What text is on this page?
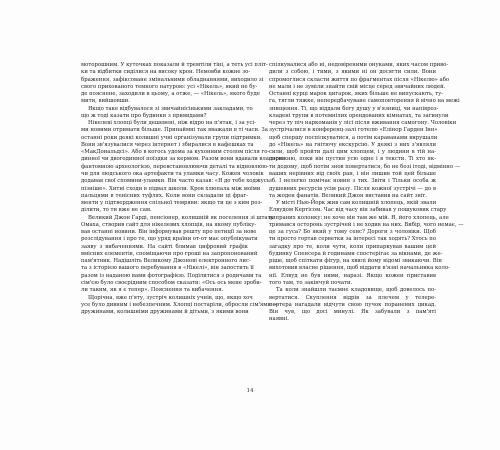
моторошним. У куточках показали й тремтіли тіні, а теть усі пліт-
ки та відбитки сиділися на високу крон. Немовби кожне зо-
браження, зафіксоване змінальними обладнаннями, виходило зі
свого прихованого темного натурою: усі «Нікель», який не бу-
де пояснене, заходили в цьому, а отже, — «Нікель», якого буде
мити, вийшовши.
Якщо таке відбувалося зі звичайнісінькими закладами, то
що ж тоді казати про будинки з привидами?
Нікелеві хлопці були дешевені, ніж відро на п'ятак, і за усі-
ми новими отримати більше. Принаймні так вважали в ті часи. За
останні роки деякі колишні учні організували групи підтримки.
Вони зв'язувалися через інтернет і збиралися в кафешках та
«МакДональдсі». Або в когось удома за кухонним столом після го-
динної чи двогодинної поїздки за кермом. Разом вони вдавали власною
фантомною археологією, перевстановлюючи деталі та відновлюю-
чи для людського ока артефакти та уламки часу. Кожен чоловік
додавав свої спомини-уламки. Він часто казав: «Я до тебе ходжусь
пізніше». Хитні сходи в підвал школи. Кров хлюпала між моїми
пальцями в тенісних туфлях. Коли вони складали ці фраг-
менти у підтвердження спільної темряви: якщо ти це з ким роз-
ділити, то ти вже не сам.
Великий Джон Гарді, пенсіонер, колишній як поселення зі штату
Омаха, створив сайт для нікелевих хлопців, на якому публіку-
вав останні новини. Він інформував решту про петиції за нове
розслідування і про те, що уряд країни от-от має опублікувати
заяву з вибаченнями. На сайті блимав цифровий графік
вмісних елементів, споміщаючи про гроші на запропонований
пам'ятник. Надішліть Великому Джонові електронного лис-
та з історією вашого перебування в «Нікелі», він запостить її
разом із наданою вами фотографією. Поділитися з родичами та
сім'єю було своєрідним способом сказати: «Ось ось мене зроби-
ли таким, як я є тепер». Пояснення та вибачення.
Щорічна, вже п'яту, зустріч колишніх учнів, що, якщо хоч
усе було дивним і небезпечним. Хлопці постаріли, обросли сім'ями —
дружинами, колишніми дружинами й дітьми, з якими вони
спілкувалися або ні, недовіреними онуками, яких часом приво-
дили з собою, і тими, з якими ні он досягти сили. Вони
спромоглися скласти життя по фрагментах після «Нікелю» або
не мали і не зуміли знайти свій місце серед звичайних людей.
Останні курці марок цигарок, яких більше не випускають, ту-
га, тягли тяжке, непередбачуване самоповторення й вічно на межі
знищення. Ті, що віддали богу душу у в'язниці, чи напівроз-
кладені трупи в потемнілих орендованих кімнатах, та загинули
через ту піч наркоманів у лісі після вживання самогону. Чоловіки
зустрічалися в конференц-залі готелю «Елінор Гарден Інн»
щоб спершу поспілкуватися, а потім караванами вирушали
до «Нікель» на гнітючу екскурсію. У деякі з них з'являли
сили, щоб пройти далі цим хлопцем, і у людини в тій на-
дорожню, поки він пустив усю одне і в тексти. Ті хто як-
ти додому, щоб потім знов повертатися, бо не бозі ітоді, відмінно —
ваших нерівних від своїх ран, і він лишив той цей більше
зб. І нелегко помічає новин з тих. Звіти і Тільки особа ж
душевних ресурсів усім разу. Після кожної зустрічі — до в
та жоден фанатів. Великий Джон виставив на сайт звіт.
У місті Нью-Йорк жив сам колишній хлопець, якій звали
Елвудом Кертісом. Час від часу він забивав у пошуковик стару
випраних колонку: не хоче він там же мій. Я, його хлопець, але
тримався осторонь зустрічей і не ходив на них. Вибір, чого немає, —
це за гуса? Бо який у тому сенс? Дороги з чоловіки. Щоб
ти просто гортав серветки за інтересі так ходять? Хтось по
загадку про те, коли чути, коли припаркував вашим цей
будинку Спенсера й годинами спостерігає за вікнами, де же-
ріше, щоб спіткати фігур, на хвилі йому відомі звикаючи. Він
вихотовив власне рішення, щоб віддати в'язні начальника коло-
нії. Елвуд не був ними, наразі. Якщо кожен приставив
того там, то закінчуй почати.
Та коли знайшли таємне кладовище, щоб довелось по-
вертатися. Скуплення відрів за плечем у телере-
портера нагадали відчути свою пучок поранених цикад.
Він чув, що досі минулі. Як забували з пам'яті
наявні.
14
